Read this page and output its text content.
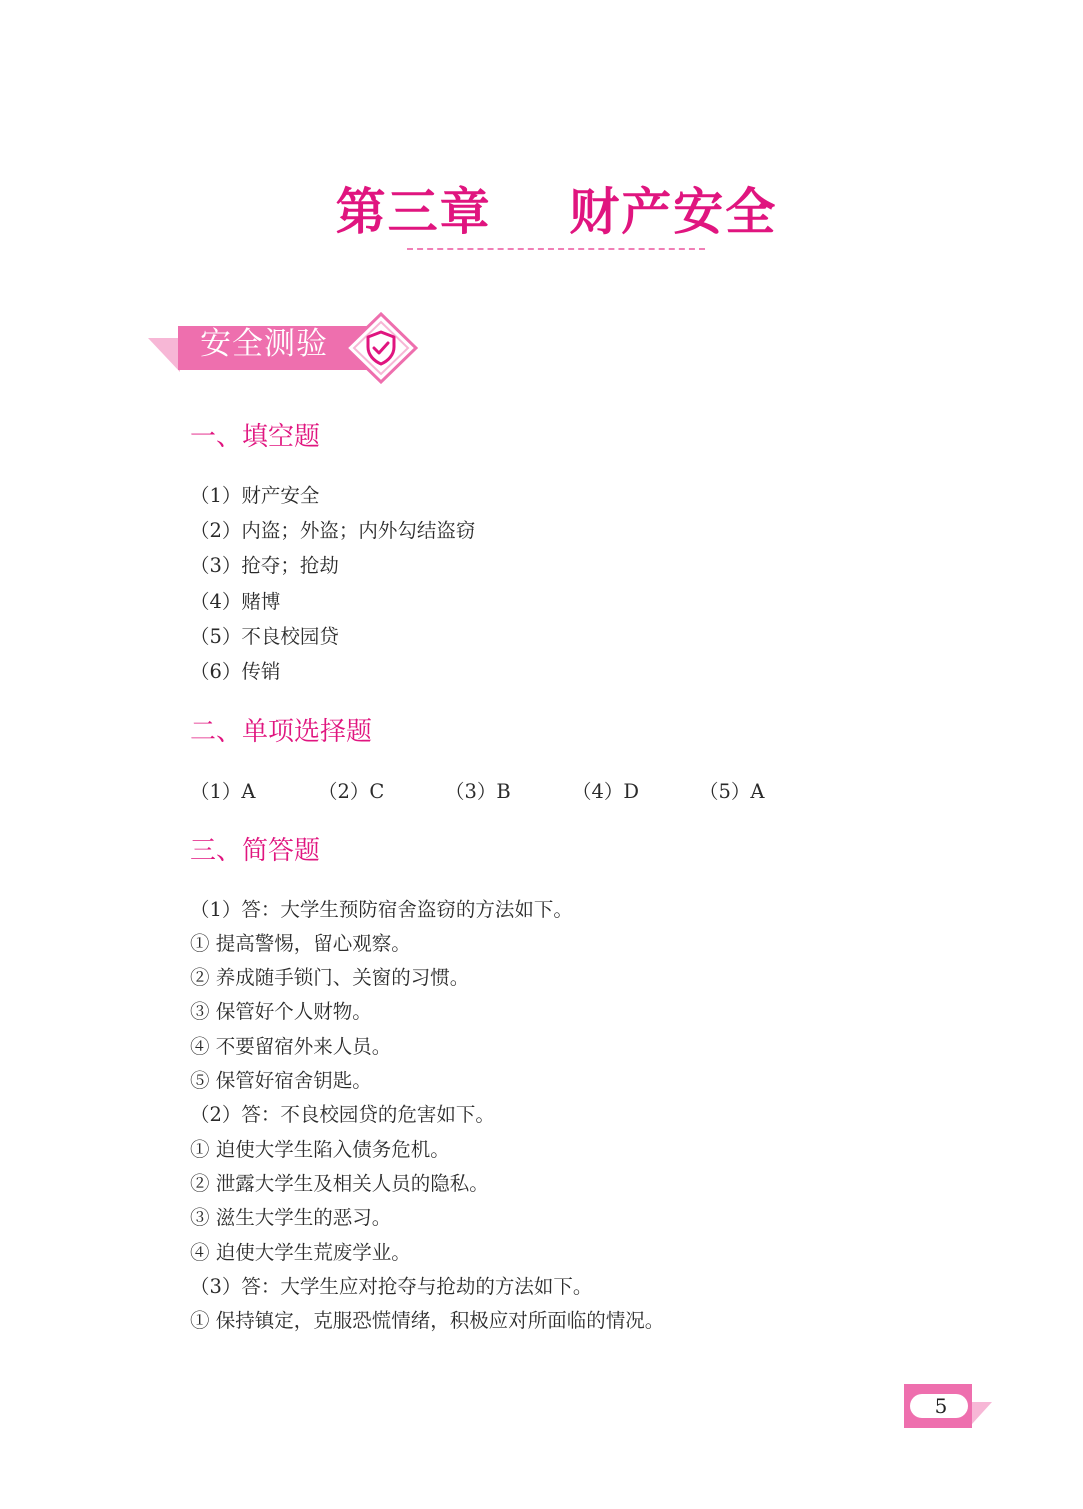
第三章    财产安全
安全测验
一、填空题
（1）财产安全
（2）内盗；外盗；内外勾结盗窃
（3）抢夺；抢劫
（4）赌博
（5）不良校园贷
（6）传销
二、单项选择题
（1）A	（2）C	（3）B	（4）D	（5）A
三、简答题
（1）答：大学生预防宿舍盗窃的方法如下。
① 提高警惕，留心观察。
② 养成随手锁门、关窗的习惯。
③ 保管好个人财物。
④ 不要留宿外来人员。
⑤ 保管好宿舍钥匙。
（2）答：不良校园贷的危害如下。
① 迫使大学生陷入债务危机。
② 泄露大学生及相关人员的隐私。
③ 滋生大学生的恶习。
④ 迫使大学生荒废学业。
（3）答：大学生应对抢夺与抢劫的方法如下。
① 保持镇定，克服恐慌情绪，积极应对所面临的情况。
5
